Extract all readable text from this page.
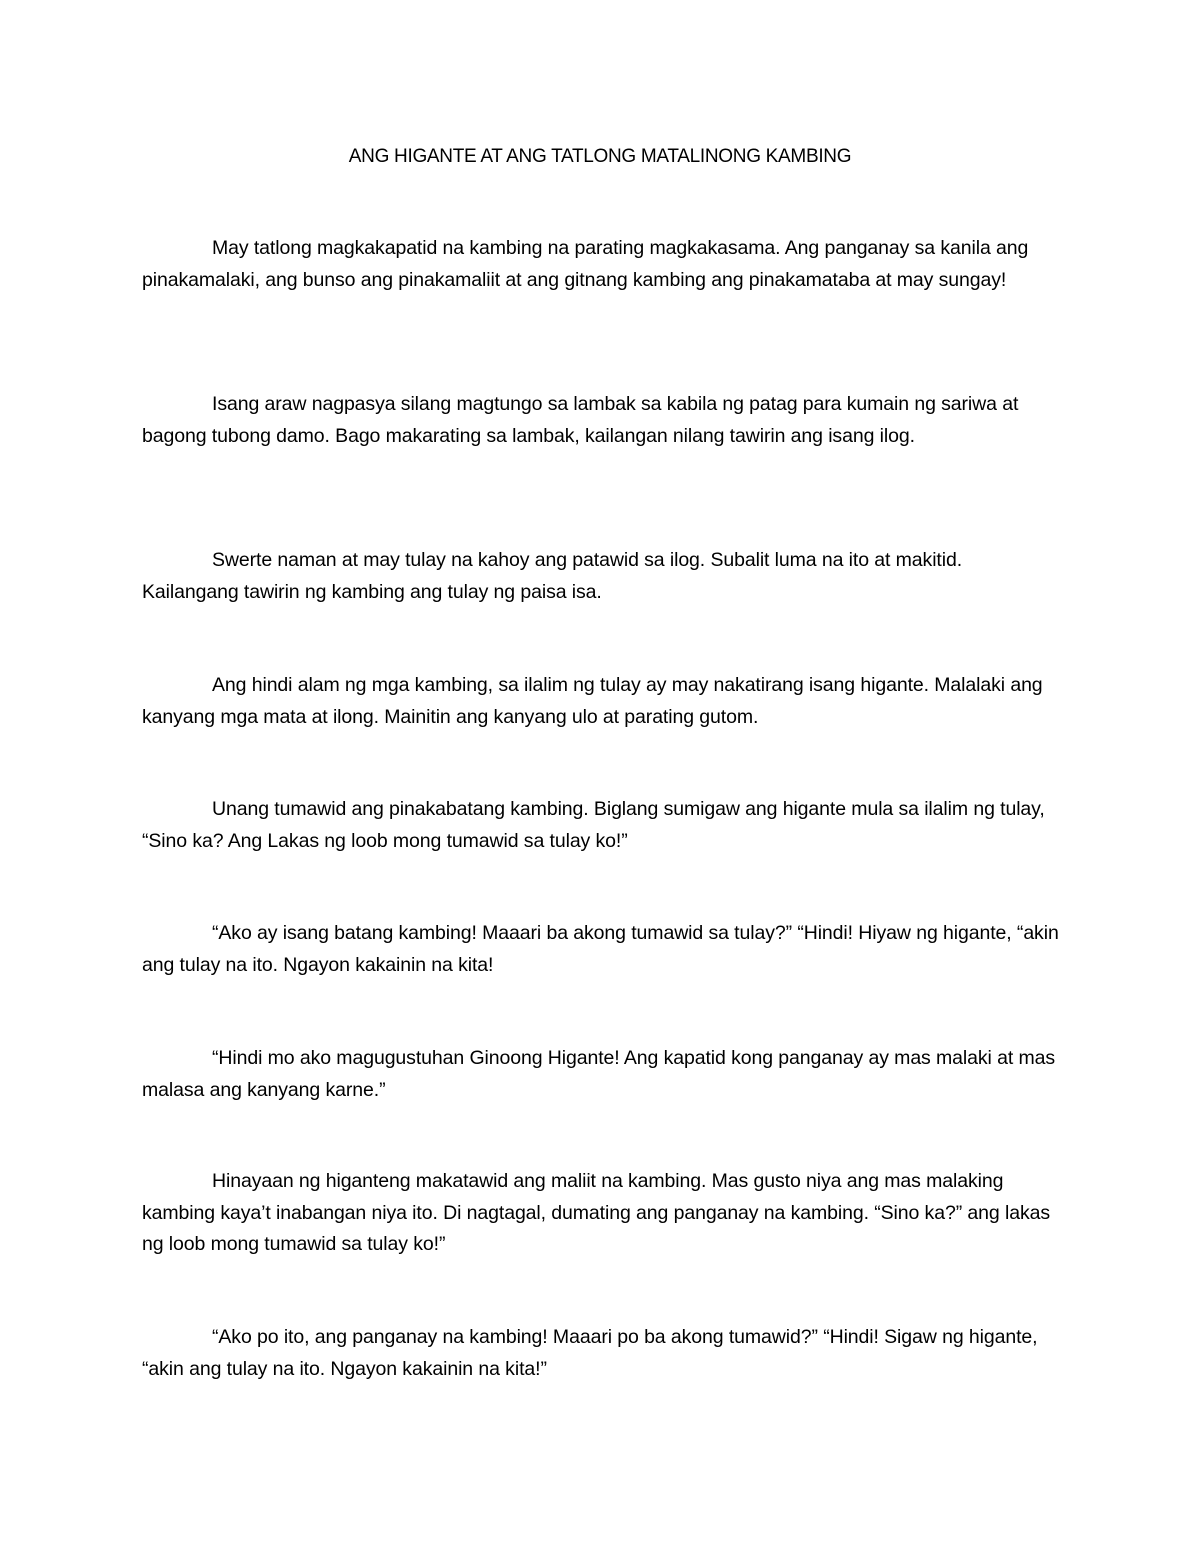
ANG HIGANTE AT ANG TATLONG MATALINONG KAMBING

May tatlong magkakapatid na kambing na parating magkakasama. Ang panganay sa kanila ang pinakamalaki, ang bunso ang pinakamaliit at ang gitnang kambing ang pinakamataba at may sungay!

Isang araw nagpasya silang magtungo sa lambak sa kabila ng patag para kumain ng sariwa at bagong tubong damo. Bago makarating sa lambak, kailangan nilang tawirin ang isang ilog.

Swerte naman at may tulay na kahoy ang patawid sa ilog. Subalit luma na ito at makitid. Kailangang tawirin ng kambing ang tulay ng paisa isa.

Ang hindi alam ng mga kambing, sa ilalim ng tulay ay may nakatirang isang higante. Malalaki ang kanyang mga mata at ilong. Mainitin ang kanyang ulo at parating gutom.

Unang tumawid ang pinakabatang kambing. Biglang sumigaw ang higante mula sa ilalim ng tulay, “Sino ka? Ang Lakas ng loob mong tumawid sa tulay ko!”

“Ako ay isang batang kambing! Maaari ba akong tumawid sa tulay?” “Hindi! Hiyaw ng higante, “akin ang tulay na ito. Ngayon kakainin na kita!

“Hindi mo ako magugustuhan Ginoong Higante! Ang kapatid kong panganay ay mas malaki at mas malasa ang kanyang karne.”

Hinayaan ng higanteng makatawid ang maliit na kambing. Mas gusto niya ang mas malaking kambing kaya’t inabangan niya ito. Di nagtagal, dumating ang panganay na kambing. “Sino ka?” ang lakas ng loob mong tumawid sa tulay ko!”

“Ako po ito, ang panganay na kambing! Maaari po ba akong tumawid?” “Hindi! Sigaw ng higante, “akin ang tulay na ito. Ngayon kakainin na kita!”
